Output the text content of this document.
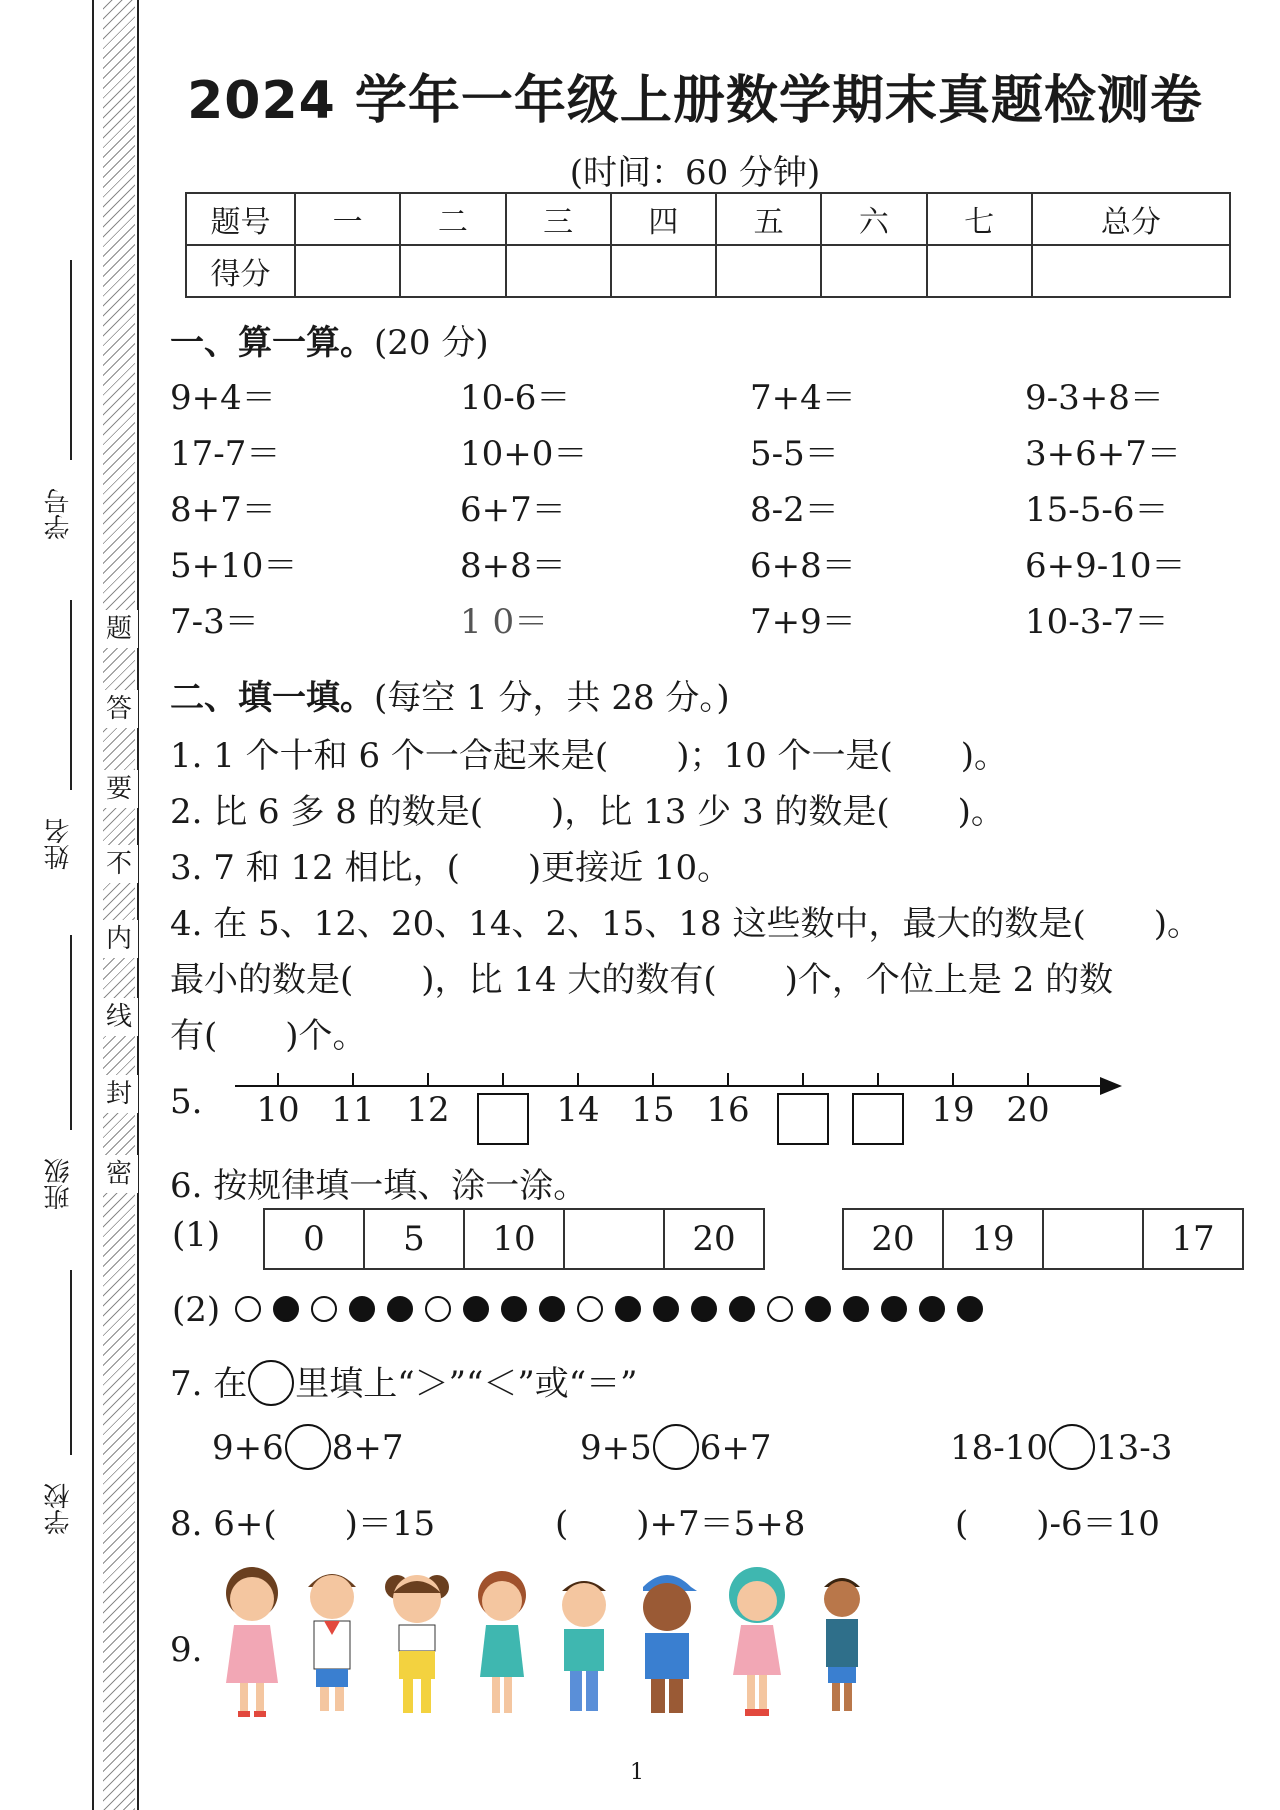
题
答
要
不
内
线
封
密
学号
姓名
班级
学校
2024 学年一年级上册数学期末真题检测卷
(时间：60 分钟)
题号	一	二	三	四	五	六	七	总分
得分								
一、算一算。(20 分)
9+4＝	10-6＝	7+4＝	9-3+8＝
17-7＝	10+0＝	5-5＝	3+6+7＝
8+7＝	6+7＝	8-2＝	15-5-6＝
5+10＝	8+8＝	6+8＝	6+9-10＝
7-3＝	1 0＝	7+9＝	10-3-7＝
二、填一填。(每空 1 分，共 28 分。)
1. 1 个十和 6 个一合起来是(　　)；10 个一是(　　)。
2. 比 6 多 8 的数是(　　)，比 13 少 3 的数是(　　)。
3. 7 和 12 相比，(　　)更接近 10。
4. 在 5、12、20、14、2、15、18 这些数中，最大的数是(　　)。
最小的数是(　　)，比 14 大的数有(　　)个，个位上是 2 的数
有(　　)个。
5. 10 11 12	14 15 16	19 20
6. 按规律填一填、涂一涂。
(1) 0	5	10		20	20	19		17
(2)
7. 在 里填上“＞”“＜”或“＝”
9+6 8+7	9+5 6+7	18-10 13-3
8. 6+(　　)＝15	(　　)+7＝5+8	(　　)-6＝10
9.
1
